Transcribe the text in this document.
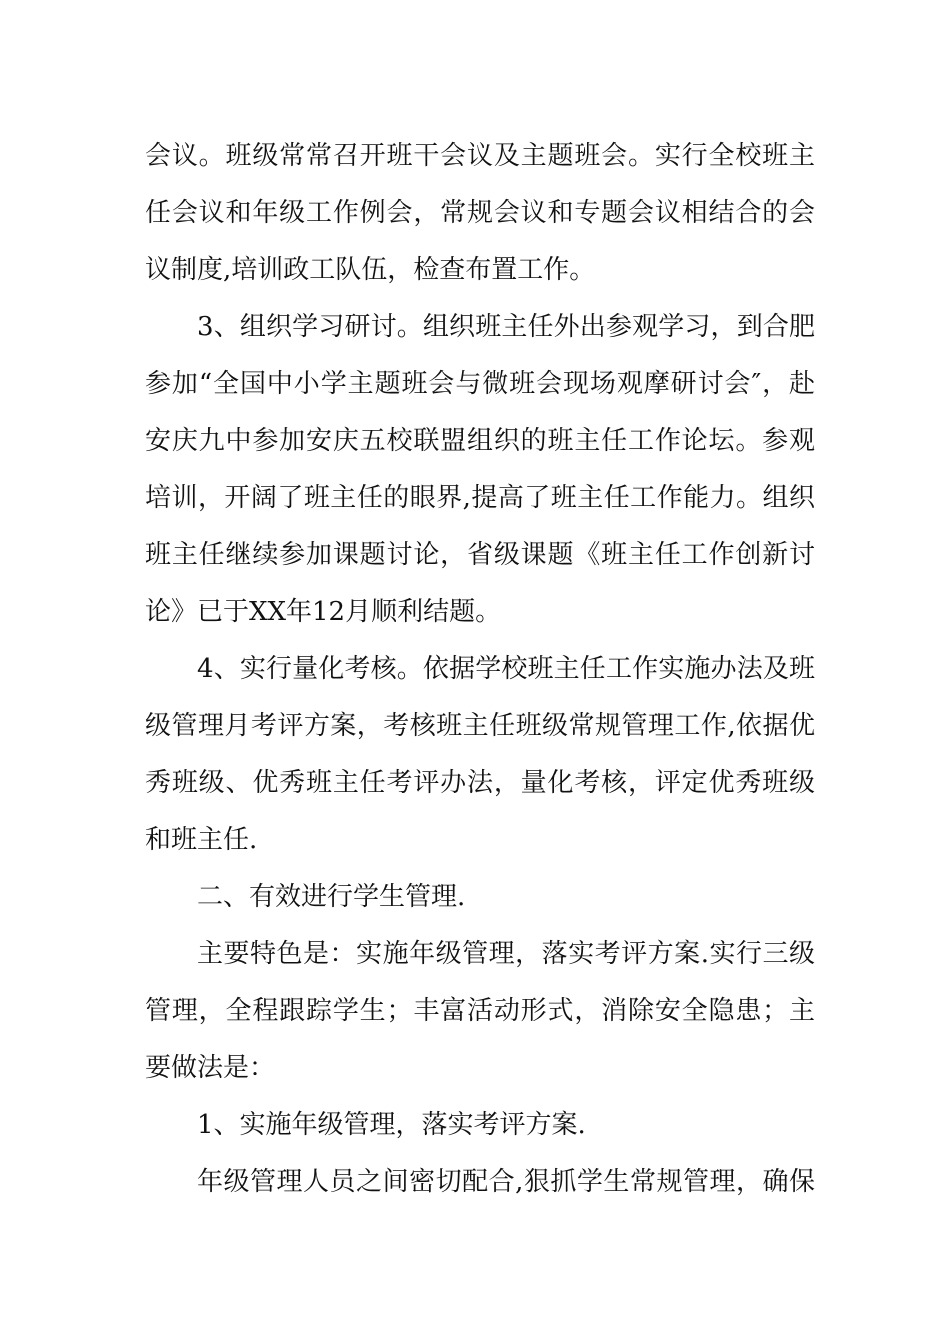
会议。班级常常召开班干会议及主题班会。实行全校班主任会议和年级工作例会，常规会议和专题会议相结合的会议制度,培训政工队伍，检查布置工作。

3、组织学习研讨。组织班主任外出参观学习，到合肥参加“全国中小学主题班会与微班会现场观摩研讨会″，赴安庆九中参加安庆五校联盟组织的班主任工作论坛。参观培训，开阔了班主任的眼界,提高了班主任工作能力。组织班主任继续参加课题讨论，省级课题《班主任工作创新讨论》已于XX年12月顺利结题。

4、实行量化考核。依据学校班主任工作实施办法及班级管理月考评方案，考核班主任班级常规管理工作,依据优秀班级、优秀班主任考评办法，量化考核，评定优秀班级和班主任.

二、有效进行学生管理.

主要特色是：实施年级管理，落实考评方案.实行三级管理，全程跟踪学生；丰富活动形式，消除安全隐患；主要做法是：

1、实施年级管理，落实考评方案.

年级管理人员之间密切配合,狠抓学生常规管理，确保
